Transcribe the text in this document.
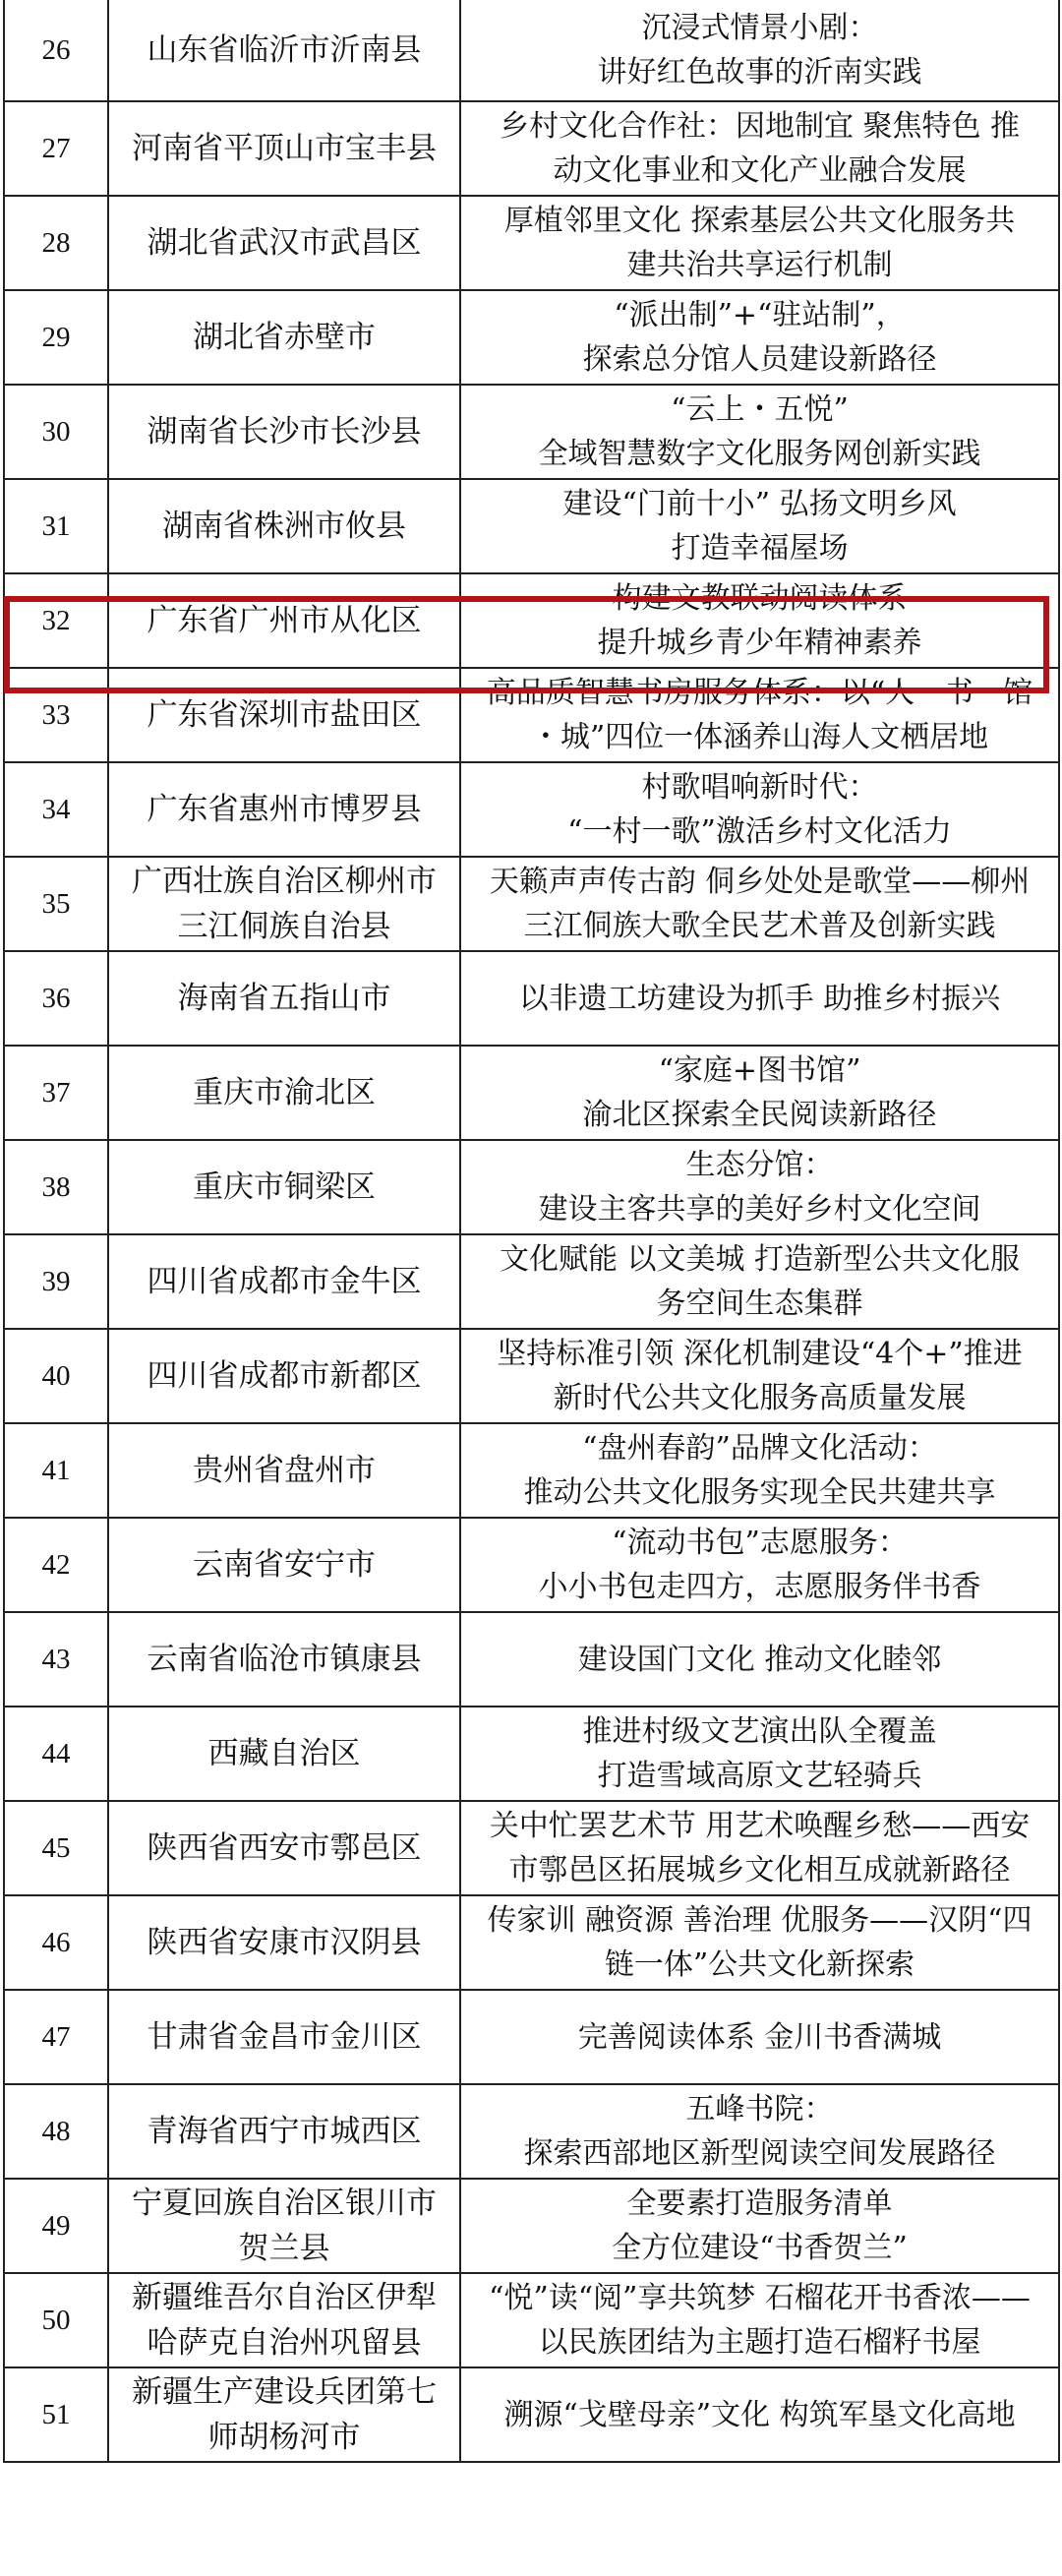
26	山东省临沂市沂南县	沉浸式情景小剧：
讲好红色故事的沂南实践

27	河南省平顶山市宝丰县	乡村文化合作社：因地制宜 聚焦特色 推
动文化事业和文化产业融合发展

28	湖北省武汉市武昌区	厚植邻里文化 探索基层公共文化服务共
建共治共享运行机制

29	湖北省赤壁市	“派出制”+“驻站制”，
探索总分馆人员建设新路径

30	湖南省长沙市长沙县	“云上・五悦”
全域智慧数字文化服务网创新实践

31	湖南省株洲市攸县	建设“门前十小” 弘扬文明乡风
打造幸福屋场

32	广东省广州市从化区	构建文教联动阅读体系
提升城乡青少年精神素养

33	广东省深圳市盐田区	高品质智慧书房服务体系：以“人・书・馆
・城”四位一体涵养山海人文栖居地

34	广东省惠州市博罗县	村歌唱响新时代：
“一村一歌”激活乡村文化活力

35	广西壮族自治区柳州市
三江侗族自治县	天籁声声传古韵 侗乡处处是歌堂——柳州
三江侗族大歌全民艺术普及创新实践

36	海南省五指山市	以非遗工坊建设为抓手 助推乡村振兴

37	重庆市渝北区	“家庭+图书馆”
渝北区探索全民阅读新路径

38	重庆市铜梁区	生态分馆：
建设主客共享的美好乡村文化空间

39	四川省成都市金牛区	文化赋能 以文美城 打造新型公共文化服
务空间生态集群

40	四川省成都市新都区	坚持标准引领 深化机制建设“4个+”推进
新时代公共文化服务高质量发展

41	贵州省盘州市	“盘州春韵”品牌文化活动：
推动公共文化服务实现全民共建共享

42	云南省安宁市	“流动书包”志愿服务：
小小书包走四方，志愿服务伴书香

43	云南省临沧市镇康县	建设国门文化 推动文化睦邻

44	西藏自治区	推进村级文艺演出队全覆盖
打造雪域高原文艺轻骑兵

45	陕西省西安市鄠邑区	关中忙罢艺术节 用艺术唤醒乡愁——西安
市鄠邑区拓展城乡文化相互成就新路径

46	陕西省安康市汉阴县	传家训 融资源 善治理 优服务——汉阴“四
链一体”公共文化新探索

47	甘肃省金昌市金川区	完善阅读体系 金川书香满城

48	青海省西宁市城西区	五峰书院：
探索西部地区新型阅读空间发展路径

49	宁夏回族自治区银川市
贺兰县	全要素打造服务清单
全方位建设“书香贺兰”

50	新疆维吾尔自治区伊犁
哈萨克自治州巩留县	“悦”读“阅”享共筑梦 石榴花开书香浓——
以民族团结为主题打造石榴籽书屋

51	新疆生产建设兵团第七
师胡杨河市	溯源“戈壁母亲”文化 构筑军垦文化高地
